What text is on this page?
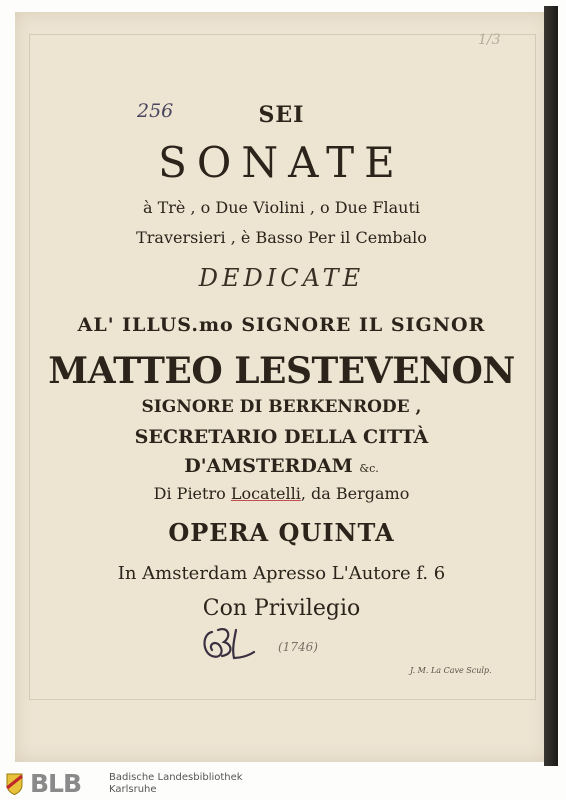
256
1/3
SEI
SONATE
à Trè , o Due Violini , o Due Flauti
Traversieri , è Basso Per il Cembalo
DEDICATE
AL' ILLUS.mo SIGNORE IL SIGNOR
MATTEO LESTEVENON
SIGNORE DI BERKENRODE ,
SECRETARIO DELLA CITTÀ
D'AMSTERDAM &c.
Di Pietro Locatelli, da Bergamo
OPERA QUINTA
In Amsterdam Apresso L'Autore f. 6
Con Privilegio
(1746)
J. M. La Cave Sculp.
BLB	Badische Landesbibliothek
Karlsruhe
